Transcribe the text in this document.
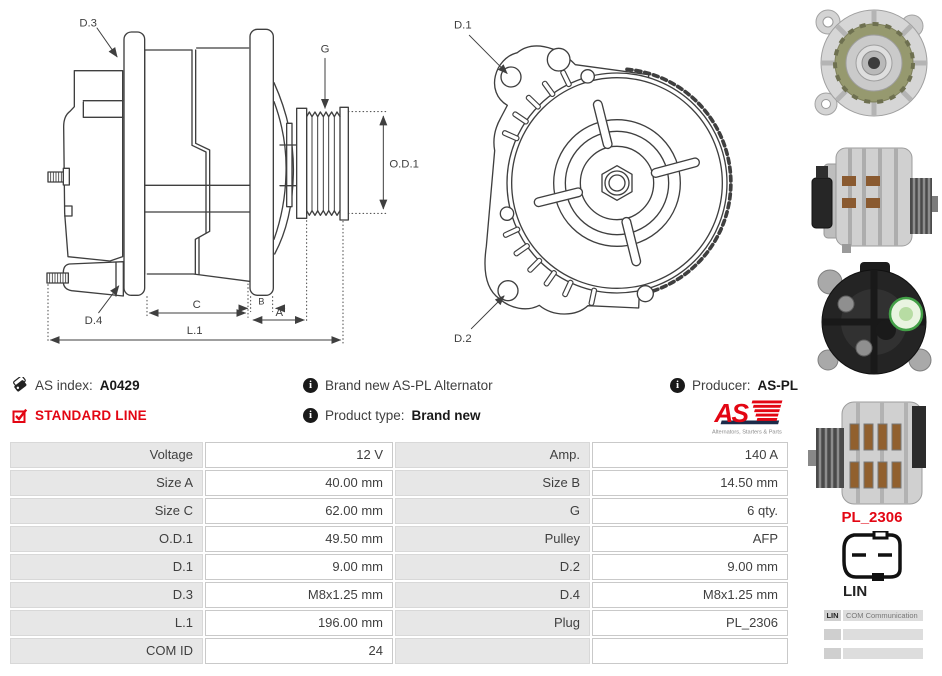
D.3
G
O.D.1
D.4
C B
A
L.1
D.1
D.2
AS index: A0429	i Brand new AS-PL Alternator	i Producer: AS-PL
STANDARD LINE	i Product type: Brand new	AS
Alternators, Starters & Parts
Voltage	12 V	Amp.	140 A
Size A	40.00 mm	Size B	14.50 mm
Size C	62.00 mm	G	6 qty.
O.D.1	49.50 mm	Pulley	AFP
D.1	9.00 mm	D.2	9.00 mm
D.3	M8x1.25 mm	D.4	M8x1.25 mm
L.1	196.00 mm	Plug	PL_2306
COM ID	24
PL_2306
LIN
LIN COM Communication
